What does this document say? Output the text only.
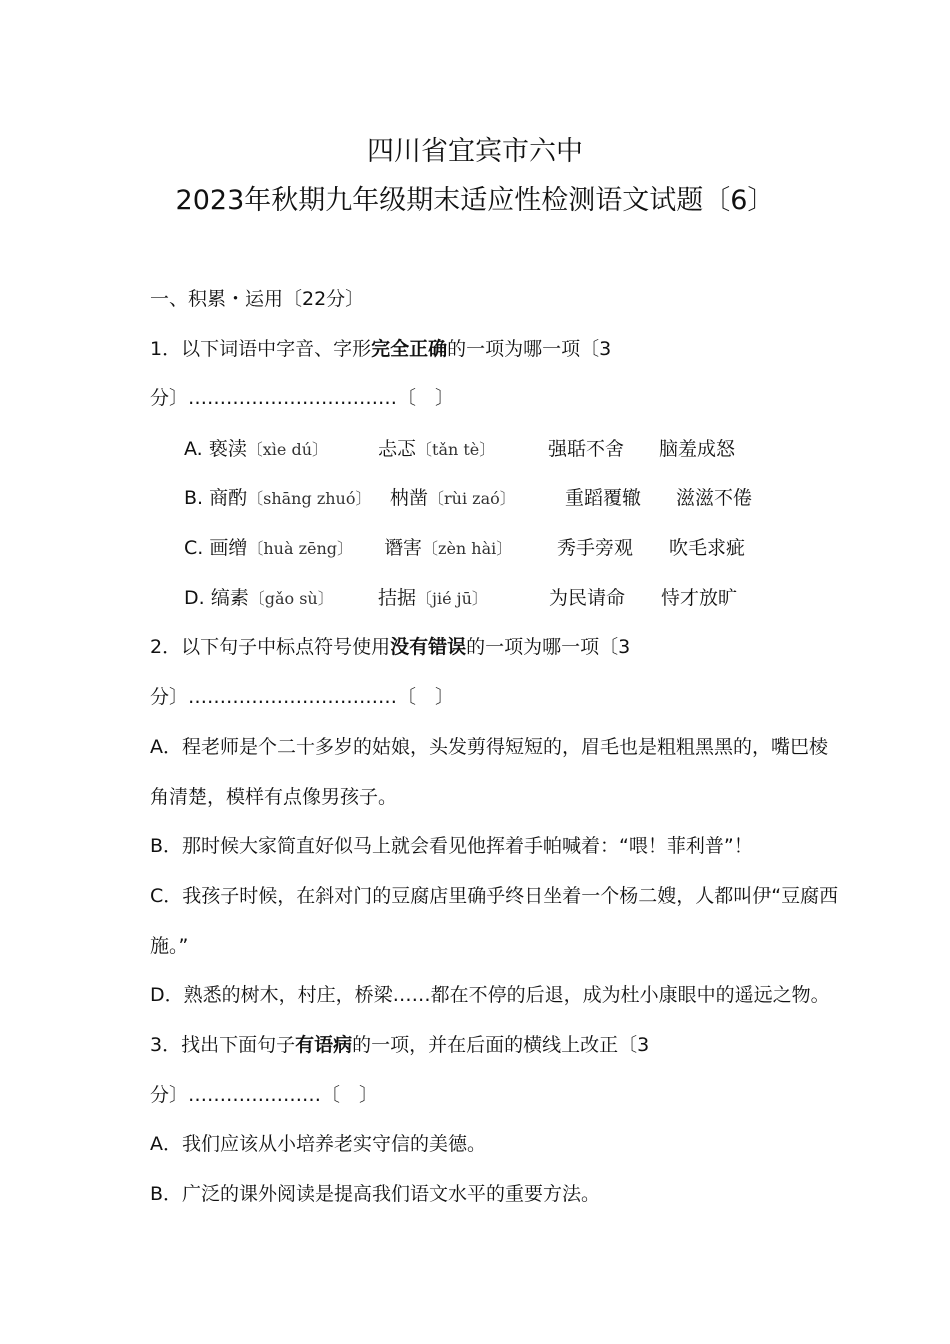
四川省宜宾市六中
2023年秋期九年级期末适应性检测语文试题〔6〕
一、积累・运用〔22分〕
1．以下词语中字音、字形完全正确的一项为哪一项〔3
分〕……………………………〔　〕
A. 亵渎〔xìe dú〕	忐忑〔tǎn tè〕	强聒不舍 脑羞成怒
B. 商酌〔shāng zhuó〕 枘凿〔rùi zaó〕	重蹈覆辙 滋滋不倦
C. 画缯〔huà zēng〕 谮害〔zèn hài〕 秀手旁观 吹毛求疵
D. 缟素〔gǎo sù〕 拮据〔jié jū〕	为民请命 恃才放旷
2．以下句子中标点符号使用没有错误的一项为哪一项〔3
分〕……………………………〔　〕
A．程老师是个二十多岁的姑娘，头发剪得短短的，眉毛也是粗粗黑黑的，嘴巴棱
角清楚，模样有点像男孩子。
B．那时候大家简直好似马上就会看见他挥着手帕喊着：“喂！菲利普”！
C．我孩子时候，在斜对门的豆腐店里确乎终日坐着一个杨二嫂，人都叫伊“豆腐西
施。”
D．熟悉的树木，村庄，桥梁……都在不停的后退，成为杜小康眼中的遥远之物。
3．找出下面句子有语病的一项，并在后面的横线上改正〔3
分〕…………………〔　〕
A．我们应该从小培养老实守信的美德。
B．广泛的课外阅读是提高我们语文水平的重要方法。
